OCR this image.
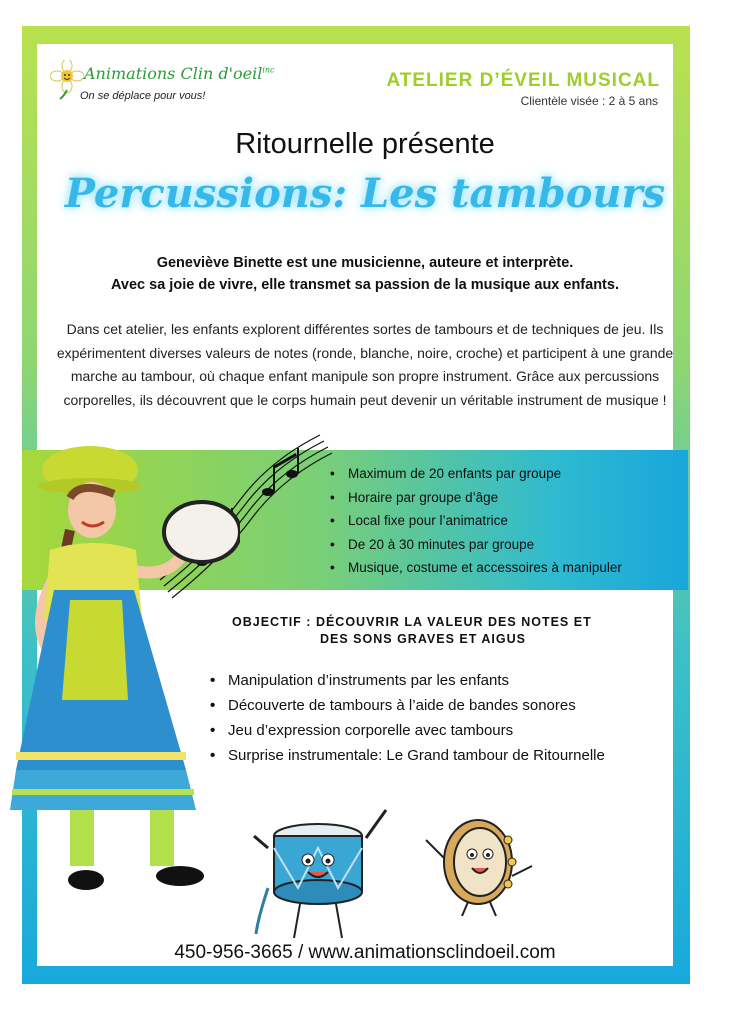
Animations Clin d'oeil$^{inc}$
On se déplace pour vous!
ATELIER D’ÉVEIL MUSICAL
Clientèle visée : 2 à 5 ans
Ritournelle présente
Percussions: Les tambours
Geneviève Binette est une musicienne, auteure et interprète.
Avec sa joie de vivre, elle transmet sa passion de la musique aux enfants.
Dans cet atelier, les enfants explorent différentes sortes de tambours et de techniques de jeu. Ils expérimentent diverses valeurs de notes (ronde, blanche, noire, croche) et participent à une grande marche au tambour, où chaque enfant manipule son propre instrument. Grâce aux percussions corporelles, ils découvrent que le corps humain peut devenir un véritable instrument de musique !
• Maximum de 20 enfants par groupe
• Horaire par groupe d’âge
• Local fixe pour l’animatrice
• De 20 à 30 minutes par groupe
• Musique, costume et accessoires à manipuler
OBJECTIF : DÉCOUVRIR LA VALEUR DES NOTES ET
DES SONS GRAVES ET AIGUS
• Manipulation d’instruments par les enfants
• Découverte de tambours à l’aide de bandes sonores
• Jeu d’expression corporelle avec tambours
• Surprise instrumentale: Le Grand tambour de Ritournelle
450-956-3665 / www.animationsclindoeil.com
